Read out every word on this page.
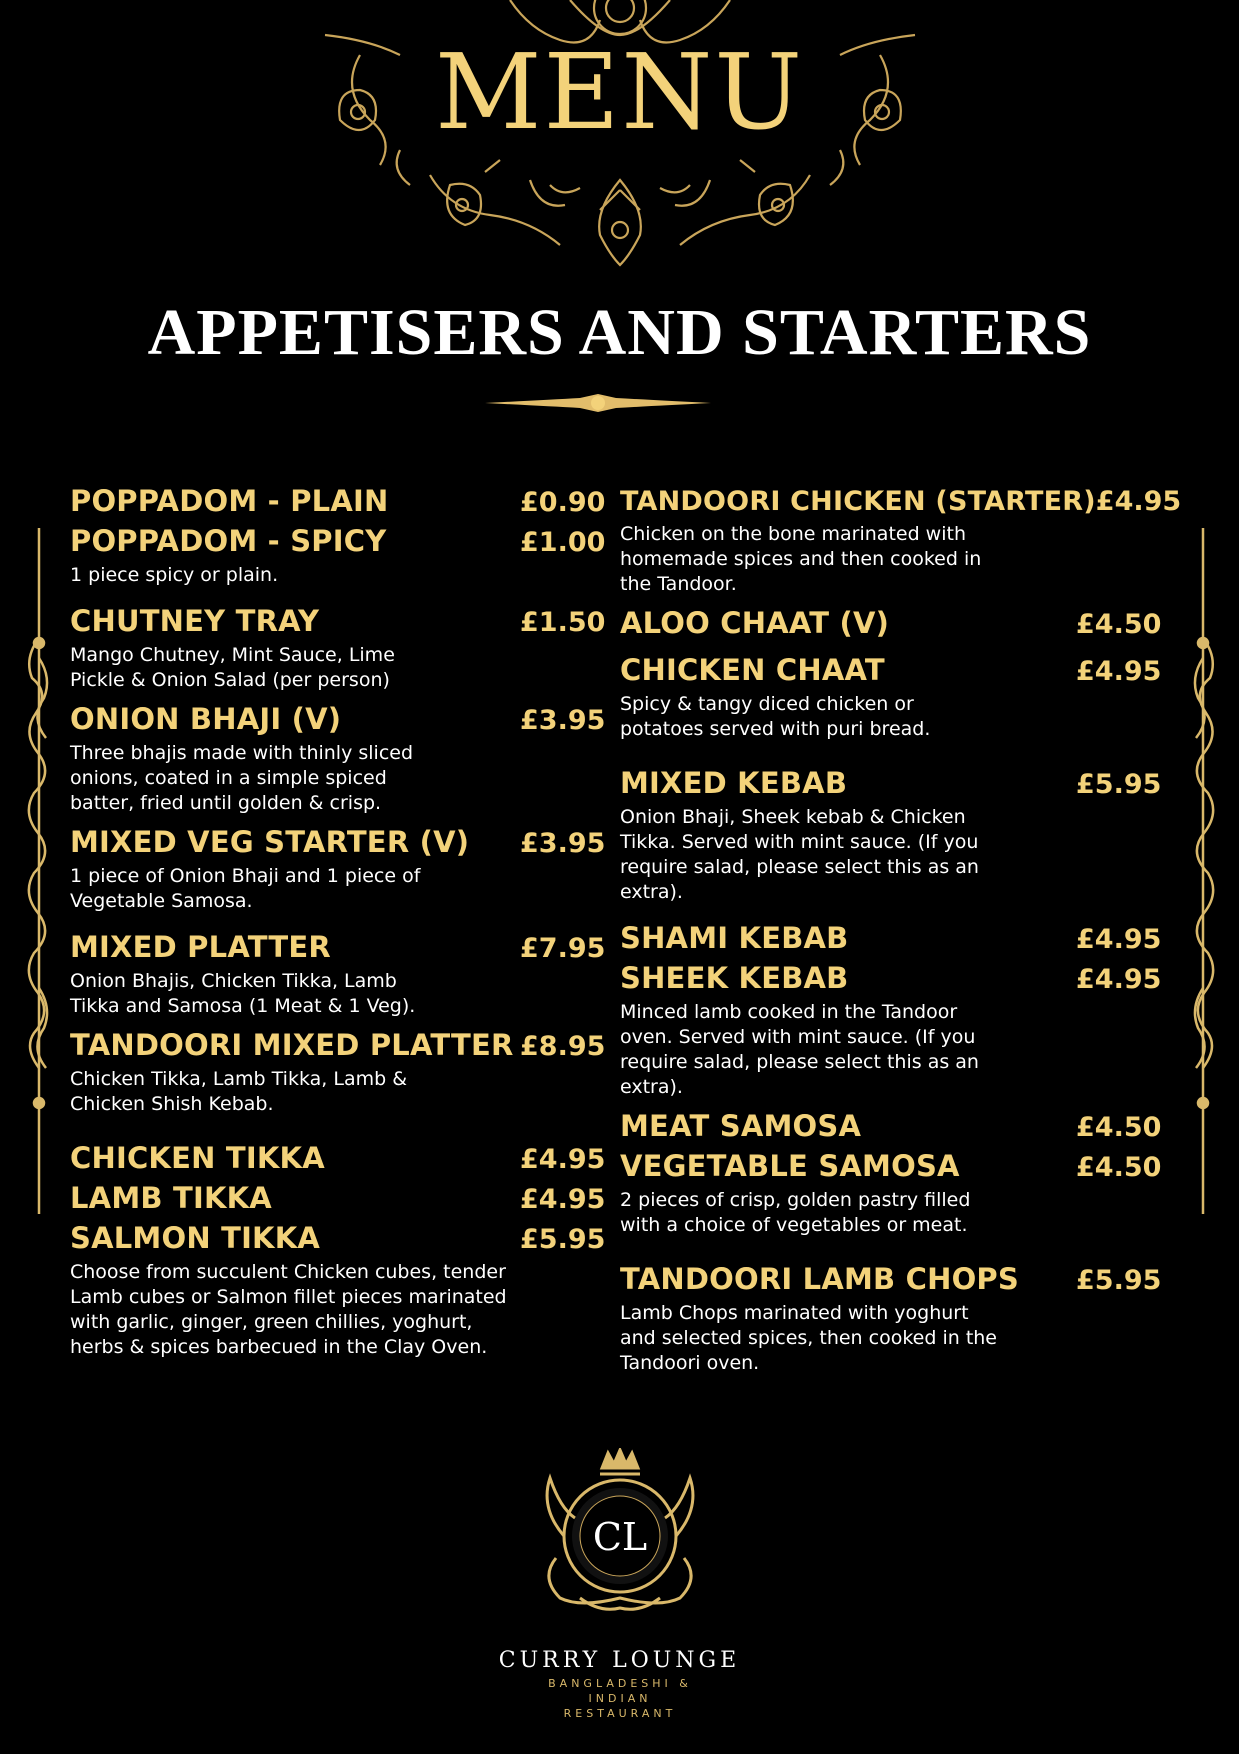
MENU
APPETISERS AND STARTERS
POPPADOM - PLAIN	£0.90
POPPADOM - SPICY	£1.00
1 piece spicy or plain.
CHUTNEY TRAY	£1.50
Mango Chutney, Mint Sauce, Lime Pickle & Onion Salad (per person)
ONION BHAJI (V)	£3.95
Three bhajis made with thinly sliced onions, coated in a simple spiced batter, fried until golden & crisp.
MIXED VEG STARTER (V) £3.95
1 piece of Onion Bhaji and 1 piece of Vegetable Samosa.
MIXED PLATTER	£7.95
Onion Bhajis, Chicken Tikka, Lamb Tikka and Samosa (1 Meat & 1 Veg).
TANDOORI MIXED PLATTER £8.95
Chicken Tikka, Lamb Tikka, Lamb & Chicken Shish Kebab.
CHICKEN TIKKA	£4.95
LAMB TIKKA	£4.95
SALMON TIKKA	£5.95
Choose from succulent Chicken cubes, tender Lamb cubes or Salmon fillet pieces marinated with garlic, ginger, green chillies, yoghurt, herbs & spices barbecued in the Clay Oven.
TANDOORI CHICKEN (STARTER) £4.95
Chicken on the bone marinated with homemade spices and then cooked in the Tandoor.
ALOO CHAAT (V)	£4.50
CHICKEN CHAAT	£4.95
Spicy & tangy diced chicken or potatoes served with puri bread.
MIXED KEBAB	£5.95
Onion Bhaji, Sheek kebab & Chicken Tikka. Served with mint sauce. (If you require salad, please select this as an extra).
SHAMI KEBAB	£4.95
SHEEK KEBAB	£4.95
Minced lamb cooked in the Tandoor oven. Served with mint sauce. (If you require salad, please select this as an extra).
MEAT SAMOSA	£4.50
VEGETABLE SAMOSA	£4.50
2 pieces of crisp, golden pastry filled with a choice of vegetables or meat.
TANDOORI LAMB CHOPS £5.95
Lamb Chops marinated with yoghurt and selected spices, then cooked in the Tandoori oven.
CL
CURRY LOUNGE
BANGLADESHI &
INDIAN
RESTAURANT
